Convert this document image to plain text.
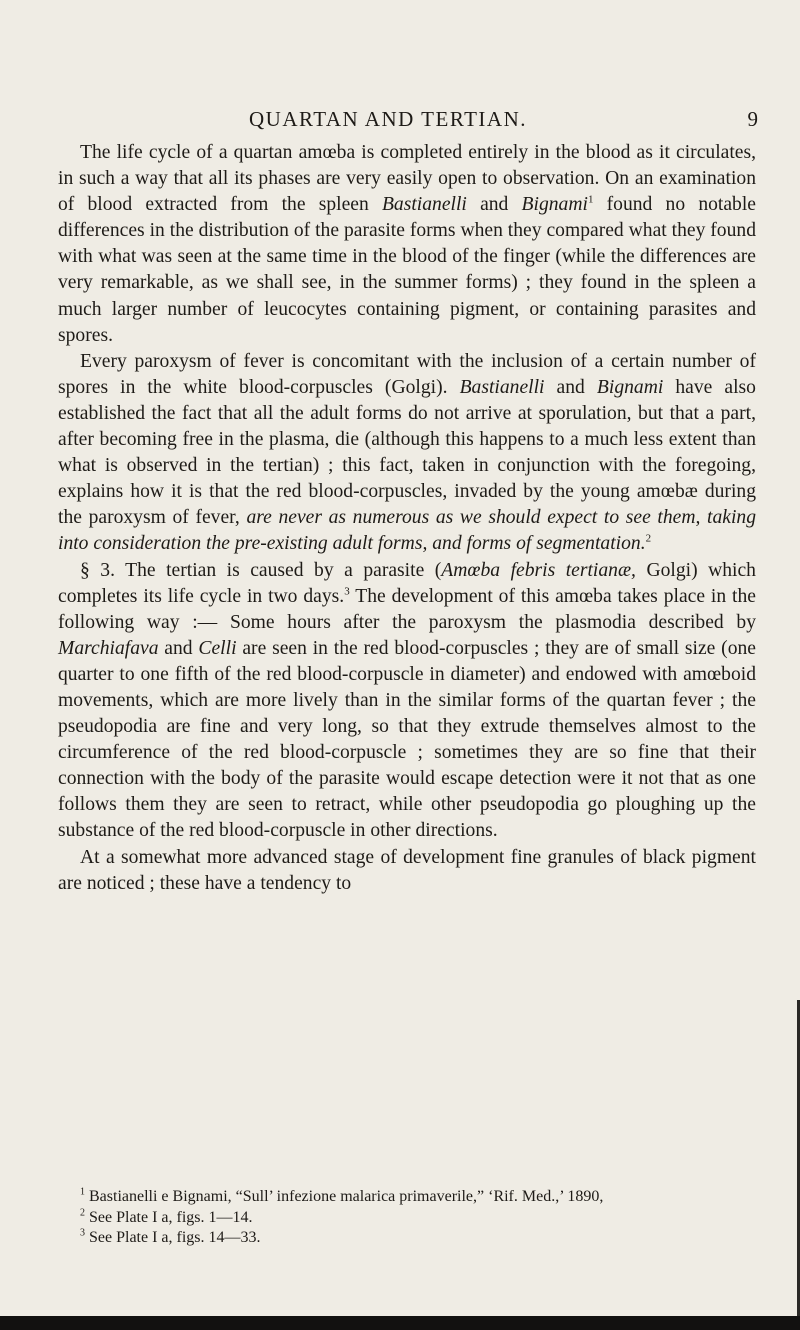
QUARTAN AND TERTIAN.	9

The life cycle of a quartan amœba is completed entirely in the blood as it circulates, in such a way that all its phases are very easily open to observation. On an examination of blood extracted from the spleen Bastianelli and Bignami$^1$ found no notable differences in the distribution of the parasite forms when they compared what they found with what was seen at the same time in the blood of the finger (while the differences are very remarkable, as we shall see, in the summer forms) ; they found in the spleen a much larger number of leucocytes containing pigment, or containing parasites and spores.

Every paroxysm of fever is concomitant with the inclusion of a certain number of spores in the white blood-corpuscles (Golgi). Bastianelli and Bignami have also established the fact that all the adult forms do not arrive at sporulation, but that a part, after becoming free in the plasma, die (although this happens to a much less extent than what is observed in the tertian) ; this fact, taken in conjunction with the foregoing, explains how it is that the red blood-corpuscles, invaded by the young amœbæ during the paroxysm of fever, are never as numerous as we should expect to see them, taking into consideration the pre-existing adult forms, and forms of segmentation.$^2$

§ 3. The tertian is caused by a parasite (Amœba febris tertianæ, Golgi) which completes its life cycle in two days.$^3$ The development of this amœba takes place in the following way :— Some hours after the paroxysm the plasmodia described by Marchiafava and Celli are seen in the red blood-corpuscles ; they are of small size (one quarter to one fifth of the red blood-corpuscle in diameter) and endowed with amœboid movements, which are more lively than in the similar forms of the quartan fever ; the pseudopodia are fine and very long, so that they extrude themselves almost to the circumference of the red blood-corpuscle ; sometimes they are so fine that their connection with the body of the parasite would escape detection were it not that as one follows them they are seen to retract, while other pseudopodia go ploughing up the substance of the red blood-corpuscle in other directions.

At a somewhat more advanced stage of development fine granules of black pigment are noticed ; these have a tendency to

$^1$ Bastianelli e Bignami, “Sull’ infezione malarica primaverile,” ‘Rif. Med.,’ 1890,

$^2$ See Plate I a, figs. 1—14.

$^3$ See Plate I a, figs. 14—33.
